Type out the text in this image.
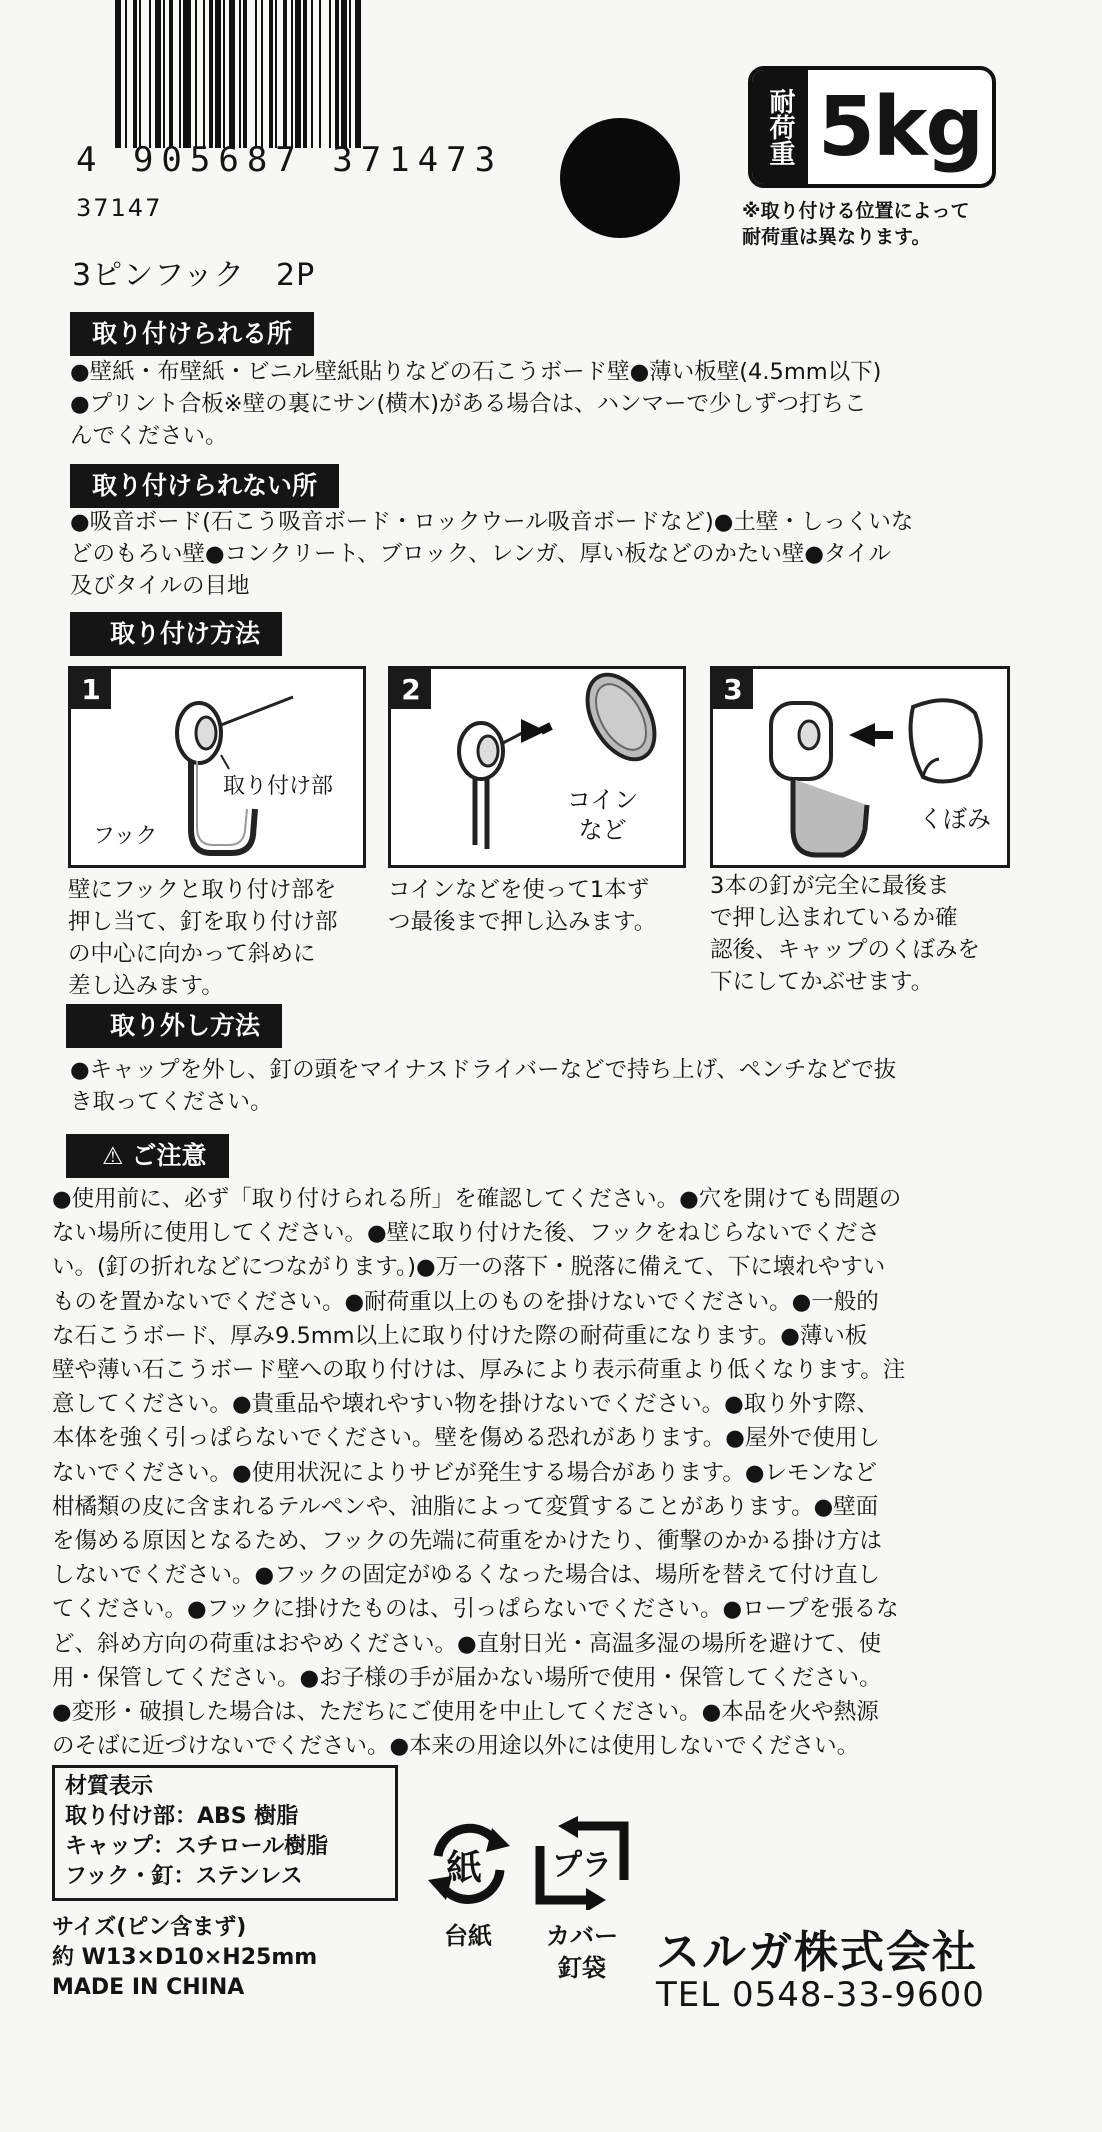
4 905687 371473
37147
耐荷重 5kg
※取り付ける位置によって耐荷重は異なります。
3ピンフック　2P
取り付けられる所
●壁紙・布壁紙・ビニル壁紙貼りなどの石こうボード壁●薄い板壁(4.5mm以下)
●プリント合板※壁の裏にサン(横木)がある場合は、ハンマーで少しずつ打ちこ
んでください。
取り付けられない所
●吸音ボード(石こう吸音ボード・ロックウール吸音ボードなど)●土壁・しっくいな
どのもろい壁●コンクリート、ブロック、レンガ、厚い板などのかたい壁●タイル
及びタイルの目地
取り付け方法
1
取り付け部
フック
壁にフックと取り付け部を
押し当て、釘を取り付け部
の中心に向かって斜めに
差し込みます。
2
コイン
など
コインなどを使って1本ず
つ最後まで押し込みます。
3
くぼみ
3本の釘が完全に最後ま
で押し込まれているか確
認後、キャップのくぼみを
下にしてかぶせます。
取り外し方法
●キャップを外し、釘の頭をマイナスドライバーなどで持ち上げ、ペンチなどで抜
き取ってください。
⚠ ご注意
●使用前に、必ず「取り付けられる所」を確認してください。●穴を開けても問題の
ない場所に使用してください。●壁に取り付けた後、フックをねじらないでくださ
い。(釘の折れなどにつながります。)●万一の落下・脱落に備えて、下に壊れやすい
ものを置かないでください。●耐荷重以上のものを掛けないでください。●一般的
な石こうボード、厚み9.5mm以上に取り付けた際の耐荷重になります。●薄い板
壁や薄い石こうボード壁への取り付けは、厚みにより表示荷重より低くなります。注
意してください。●貴重品や壊れやすい物を掛けないでください。●取り外す際、
本体を強く引っぱらないでください。壁を傷める恐れがあります。●屋外で使用し
ないでください。●使用状況によりサビが発生する場合があります。●レモンなど
柑橘類の皮に含まれるテルペンや、油脂によって変質することがあります。●壁面
を傷める原因となるため、フックの先端に荷重をかけたり、衝撃のかかる掛け方は
しないでください。●フックの固定がゆるくなった場合は、場所を替えて付け直し
てください。●フックに掛けたものは、引っぱらないでください。●ロープを張るな
ど、斜め方向の荷重はおやめください。●直射日光・高温多湿の場所を避けて、使
用・保管してください。●お子様の手が届かない場所で使用・保管してください。
●変形・破損した場合は、ただちにご使用を中止してください。●本品を火や熱源
のそばに近づけないでください。●本来の用途以外には使用しないでください。
材質表示
取り付け部：ABS 樹脂
キャップ：スチロール樹脂
フック・釘：ステンレス
サイズ(ピン含まず)
約 W13×D10×H25mm
MADE IN CHINA
紙
台紙
プラ
カバー
釘袋	スルガ株式会社
TEL 0548-33-9600
